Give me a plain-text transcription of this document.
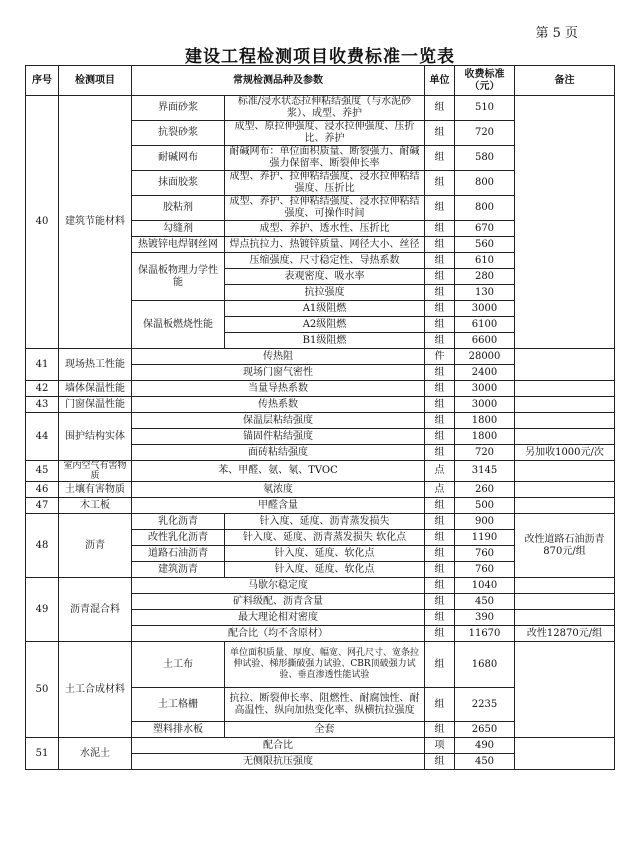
第 5 页
建设工程检测项目收费标准一览表
序号	检测项目	常规检测品种及参数		单位	收费标准（元）	备注
40	建筑节能材料	界面砂浆	标准/浸水状态拉伸粘结强度（与水泥砂浆）、成型、养护	组	510	
		抗裂砂浆	成型、原拉伸强度、浸水拉伸强度、压折比、养护	组	720	
		耐碱网布	耐碱网布：单位面积质量、断裂强力、耐碱强力保留率、断裂伸长率	组	580	
		抹面胶浆	成型、养护、拉伸粘结强度、浸水拉伸粘结强度、压折比	组	800	
		胶粘剂	成型、养护、拉伸粘结强度、浸水拉伸粘结强度、可操作时间	组	800	
		勾缝剂	成型、养护、透水性、压折比	组	670	
		热镀锌电焊钢丝网	焊点抗拉力、热镀锌质量、网径大小、丝径	组	560	
		保温板物理力学性能	压缩强度、尺寸稳定性、导热系数	组	610	
			表观密度、吸水率	组	280	
			抗拉强度	组	130	
		保温板燃烧性能	A1级阻燃	组	3000	
			A2级阻燃	组	6100	
			B1级阻燃	组	6600	
41	现场热工性能	传热阻		件	28000	
		现场门窗气密性		组	2400	
42	墙体保温性能	当量导热系数		组	3000	
43	门窗保温性能	传热系数		组	3000	
44	围护结构实体	保温层粘结强度		组	1800	
		锚固件粘结强度		组	1800	
		面砖粘结强度		组	720	另加收1000元/次
45	室内空气有害物质	苯、甲醛、氨、氡、TVOC		点	3145	
46	土壤有害物质	氡浓度		点	260	
47	木工板	甲醛含量		组	500	
48	沥青	乳化沥青	针入度、延度、沥青蒸发损失	组	900	改性道路石油沥青870元/组
		改性乳化沥青	针入度、延度、沥青蒸发损失 软化点	组	1190	
		道路石油沥青	针入度、延度、软化点	组	760	
		建筑沥青	针入度、延度、软化点	组	760	
49	沥青混合料	马歇尔稳定度		组	1040	
		矿料级配、沥青含量		组	450	
		最大理论相对密度		组	390	
		配合比（均不含原材）		组	11670	改性12870元/组
50	土工合成材料	土工布	单位面积质量、厚度、幅宽、网孔尺寸、宽条拉伸试验、梯形撕破强力试验、CBR顶破强力试验、垂直渗透性能试验	组	1680	
		土工格栅	抗拉、断裂伸长率、阻燃性、耐腐蚀性、耐高温性、纵向加热变化率、纵横抗拉强度	组	2235	
		塑料排水板	全套	组	2650	
51	水泥土	配合比		项	490	
		无侧限抗压强度		组	450	
